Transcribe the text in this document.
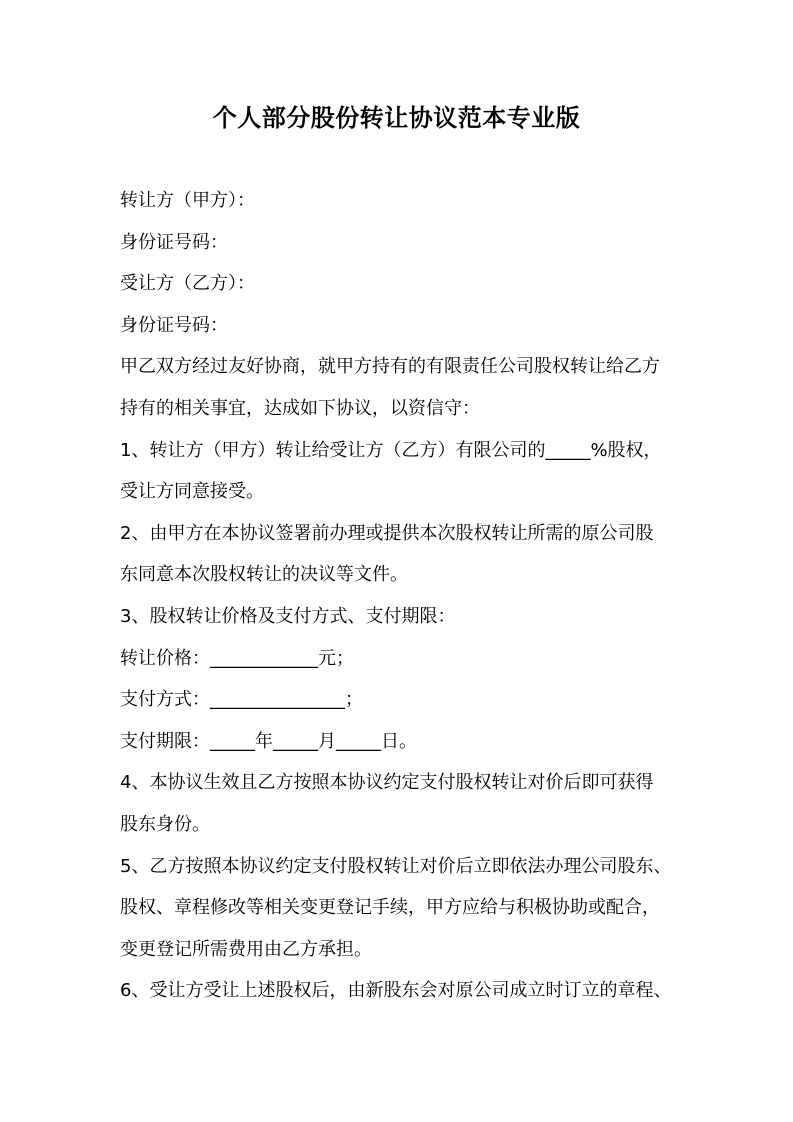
个人部分股份转让协议范本专业版
转让方（甲方）：
身份证号码：
受让方（乙方）：
身份证号码：
甲乙双方经过友好协商，就甲方持有的有限责任公司股权转让给乙方
持有的相关事宜，达成如下协议，以资信守：
1、转让方（甲方）转让给受让方（乙方）有限公司的_____%股权，
受让方同意接受。
2、由甲方在本协议签署前办理或提供本次股权转让所需的原公司股
东同意本次股权转让的决议等文件。
3、股权转让价格及支付方式、支付期限：
转让价格：____________元；
支付方式：_______________；
支付期限：_____年_____月_____日。
4、本协议生效且乙方按照本协议约定支付股权转让对价后即可获得
股东身份。
5、乙方按照本协议约定支付股权转让对价后立即依法办理公司股东、
股权、章程修改等相关变更登记手续，甲方应给与积极协助或配合，
变更登记所需费用由乙方承担。
6、受让方受让上述股权后，由新股东会对原公司成立时订立的章程、
